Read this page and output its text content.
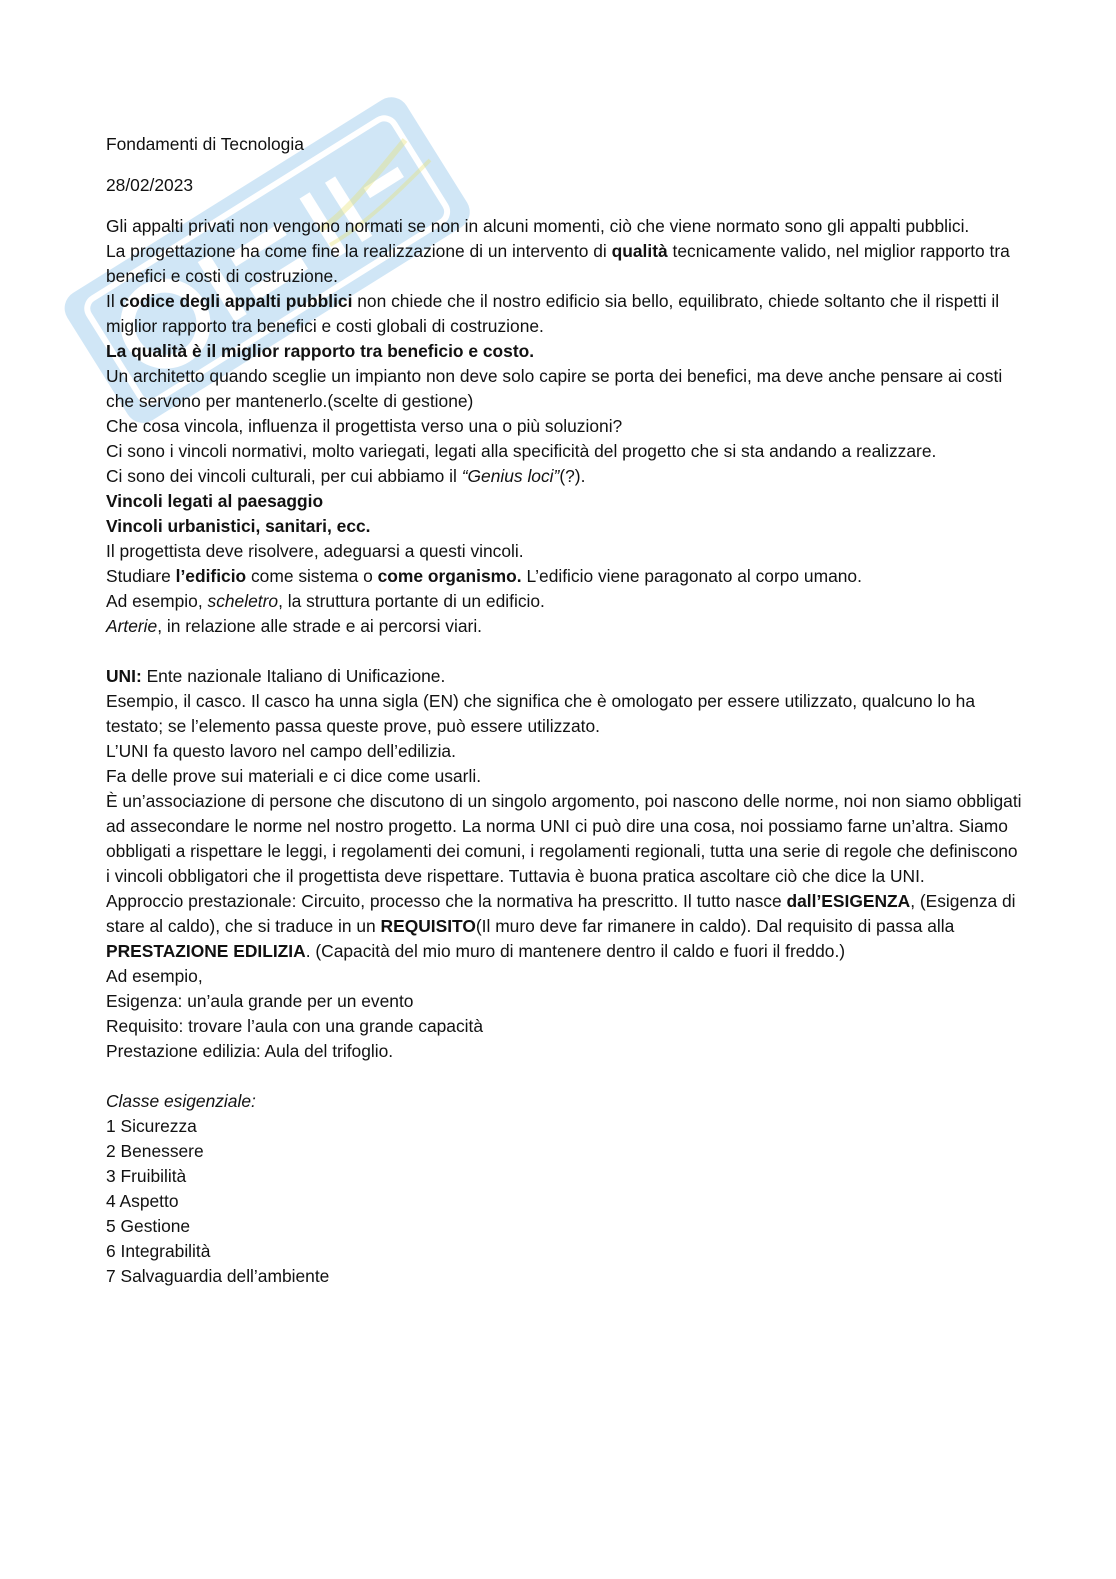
Fondamenti di Tecnologia

28/02/2023

Gli appalti privati non vengono normati se non in alcuni momenti, ciò che viene normato sono gli appalti pubblici.

La progettazione ha come fine la realizzazione di un intervento di qualità tecnicamente valido, nel miglior rapporto tra benefici e costi di costruzione.

Il codice degli appalti pubblici non chiede che il nostro edificio sia bello, equilibrato, chiede soltanto che il rispetti il miglior rapporto tra benefici e costi globali di costruzione.

La qualità è il miglior rapporto tra beneficio e costo.

Un architetto quando sceglie un impianto non deve solo capire se porta dei benefici, ma deve anche pensare ai costi che servono per mantenerlo.(scelte di gestione)

Che cosa vincola, influenza il progettista verso una o più soluzioni?

Ci sono i vincoli normativi, molto variegati, legati alla specificità del progetto che si sta andando a realizzare.

Ci sono dei vincoli culturali, per cui abbiamo il “Genius loci”(?).

Vincoli legati al paesaggio

Vincoli urbanistici, sanitari, ecc.

Il progettista deve risolvere, adeguarsi a questi vincoli.

Studiare l’edificio come sistema o come organismo. L’edificio viene paragonato al corpo umano.

Ad esempio, scheletro, la struttura portante di un edificio.

Arterie, in relazione alle strade e ai percorsi viari.

UNI: Ente nazionale Italiano di Unificazione.

Esempio, il casco. Il casco ha unna sigla (EN) che significa che è omologato per essere utilizzato, qualcuno lo ha testato; se l’elemento passa queste prove, può essere utilizzato.

L’UNI fa questo lavoro nel campo dell’edilizia.

Fa delle prove sui materiali e ci dice come usarli.

È un’associazione di persone che discutono di un singolo argomento, poi nascono delle norme, noi non siamo obbligati ad assecondare le norme nel nostro progetto. La norma UNI ci può dire una cosa, noi possiamo farne un’altra. Siamo obbligati a rispettare le leggi, i regolamenti dei comuni, i regolamenti regionali, tutta una serie di regole che definiscono i vincoli obbligatori che il progettista deve rispettare. Tuttavia è buona pratica ascoltare ciò che dice la UNI.

Approccio prestazionale: Circuito, processo che la normativa ha prescritto. Il tutto nasce dall’ESIGENZA, (Esigenza di stare al caldo), che si traduce in un REQUISITO(Il muro deve far rimanere in caldo). Dal requisito di passa alla PRESTAZIONE EDILIZIA. (Capacità del mio muro di mantenere dentro il caldo e fuori il freddo.)

Ad esempio,

Esigenza: un’aula grande per un evento

Requisito: trovare l’aula con una grande capacità

Prestazione edilizia: Aula del trifoglio.

Classe esigenziale:

1 Sicurezza

2 Benessere

3 Fruibilità

4 Aspetto

5 Gestione

6 Integrabilità

7 Salvaguardia dell’ambiente
